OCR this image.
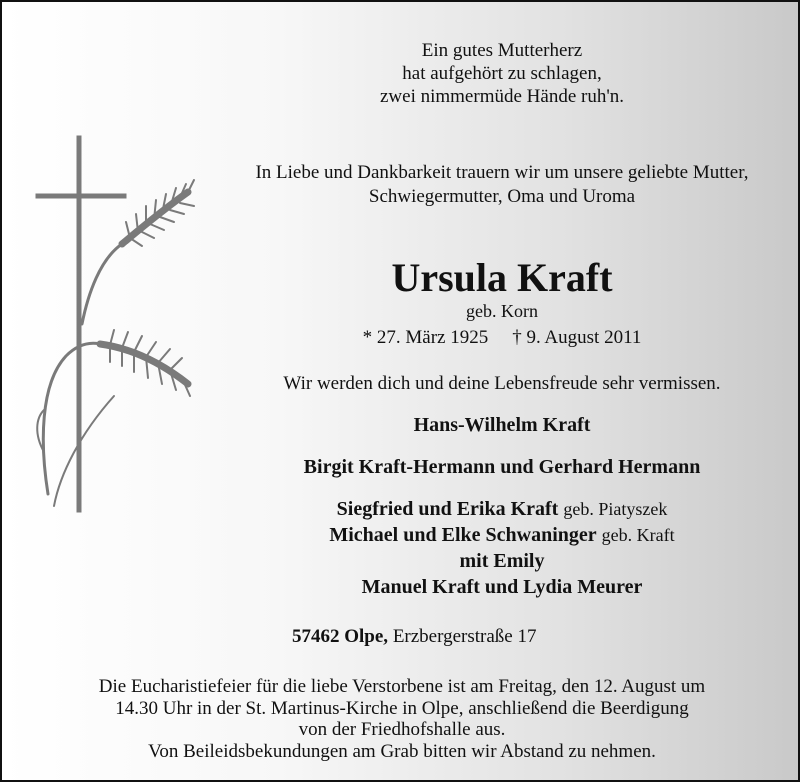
Ein gutes Mutterherz
hat aufgehört zu schlagen,
zwei nimmermüde Hände ruh'n.
In Liebe und Dankbarkeit trauern wir um unsere geliebte Mutter,
Schwiegermutter, Oma und Uroma
Ursula Kraft
geb. Korn
* 27. März 1925 † 9. August 2011
Wir werden dich und deine Lebensfreude sehr vermissen.
Hans-Wilhelm Kraft
Birgit Kraft-Hermann und Gerhard Hermann
Siegfried und Erika Kraft geb. Piatyszek
Michael und Elke Schwaninger geb. Kraft
mit Emily
Manuel Kraft und Lydia Meurer
57462 Olpe, Erzbergerstraße 17
Die Eucharistiefeier für die liebe Verstorbene ist am Freitag, den 12. August um
14.30 Uhr in der St. Martinus-Kirche in Olpe, anschließend die Beerdigung
von der Friedhofshalle aus.
Von Beileidsbekundungen am Grab bitten wir Abstand zu nehmen.
